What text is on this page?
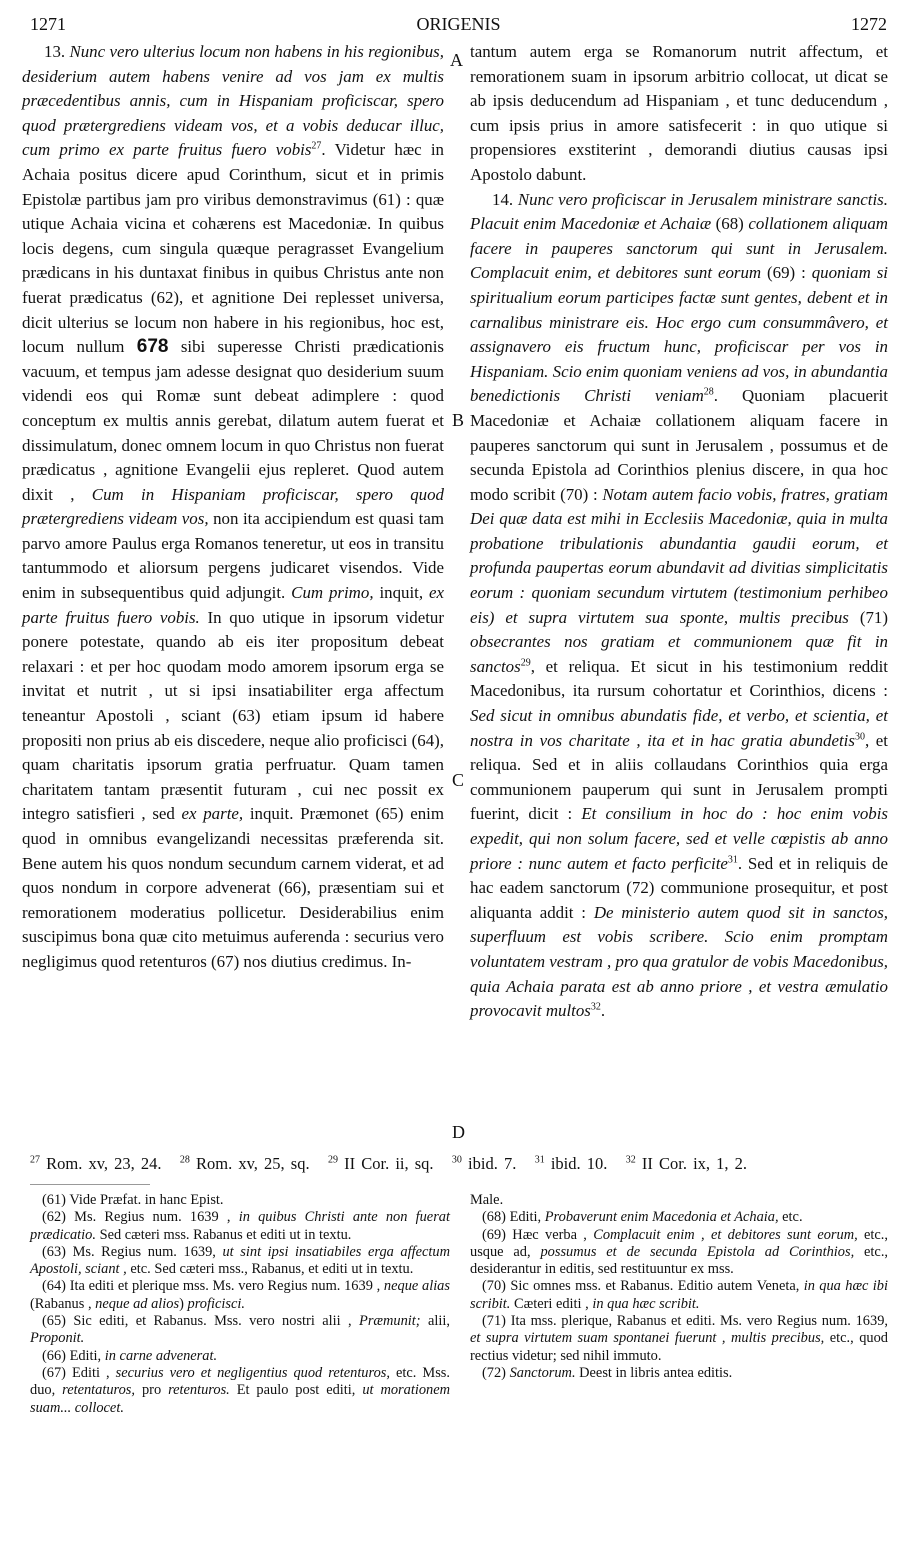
1271	ORIGENIS	1272
A
B
C
D

13. Nunc vero ulterius locum non habens in his regionibus, desiderium autem habens venire ad vos jam ex multis præcedentibus annis, cum in Hispaniam proficiscar, spero quod prætergrediens videam vos, et a vobis deducar illuc, cum primo ex parte fruitus fuero vobis$^{27}$. Videtur hæc in Achaia positus dicere apud Corinthum, sicut et in primis Epistolæ partibus jam pro viribus demonstravimus (61) : quæ utique Achaia vicina et cohærens est Macedoniæ. In quibus locis degens, cum singula quæque peragrasset Evangelium prædicans in his duntaxat finibus in quibus Christus ante non fuerat prædicatus (62), et agnitione Dei replesset universa, dicit ulterius se locum non habere in his regionibus, hoc est, locum nullum 678 sibi superesse Christi prædicationis vacuum, et tempus jam adesse designat quo desiderium suum videndi eos qui Romæ sunt debeat adimplere : quod conceptum ex multis annis gerebat, dilatum autem fuerat et dissimulatum, donec omnem locum in quo Christus non fuerat prædicatus , agnitione Evangelii ejus repleret. Quod autem dixit , Cum in Hispaniam proficiscar, spero quod prætergrediens videam vos, non ita accipiendum est quasi tam parvo amore Paulus erga Romanos teneretur, ut eos in transitu tantummodo et aliorsum pergens judicaret visendos. Vide enim in subsequentibus quid adjungit. Cum primo, inquit, ex parte fruitus fuero vobis. In quo utique in ipsorum videtur ponere potestate, quando ab eis iter propositum debeat relaxari : et per hoc quodam modo amorem ipsorum erga se invitat et nutrit , ut si ipsi insatiabiliter erga affectum teneantur Apostoli , sciant (63) etiam ipsum id habere propositi non prius ab eis discedere, neque alio proficisci (64), quam charitatis ipsorum gratia perfruatur. Quam tamen charitatem tantam præsentit futuram , cui nec possit ex integro satisfieri , sed ex parte, inquit. Præmonet (65) enim quod in omnibus evangelizandi necessitas præferenda sit. Bene autem his quos nondum secundum carnem viderat, et ad quos nondum in corpore advenerat (66), præsentiam sui et remorationem moderatius pollicetur. Desiderabilius enim suscipimus bona quæ cito metuimus auferenda : securius vero negligimus quod retenturos (67) nos diutius credimus. In-

tantum autem erga se Romanorum nutrit affectum, et remorationem suam in ipsorum arbitrio collocat, ut dicat se ab ipsis deducendum ad Hispaniam , et tunc deducendum , cum ipsis prius in amore satisfecerit : in quo utique si propensiores exstiterint , demorandi diutius causas ipsi Apostolo dabunt.

14. Nunc vero proficiscar in Jerusalem ministrare sanctis. Placuit enim Macedoniæ et Achaiæ (68) collationem aliquam facere in pauperes sanctorum qui sunt in Jerusalem. Complacuit enim, et debitores sunt eorum (69) : quoniam si spiritualium eorum participes factæ sunt gentes, debent et in carnalibus ministrare eis. Hoc ergo cum consummâvero, et assignavero eis fructum hunc, proficiscar per vos in Hispaniam. Scio enim quoniam veniens ad vos, in abundantia benedictionis Christi veniam$^{28}$. Quoniam placuerit Macedoniæ et Achaiæ collationem aliquam facere in pauperes sanctorum qui sunt in Jerusalem , possumus et de secunda Epistola ad Corinthios plenius discere, in qua hoc modo scribit (70) : Notam autem facio vobis, fratres, gratiam Dei quæ data est mihi in Ecclesiis Macedoniæ, quia in multa probatione tribulationis abundantia gaudii eorum, et profunda paupertas eorum abundavit ad divitias simplicitatis eorum : quoniam secundum virtutem (testimonium perhibeo eis) et supra virtutem sua sponte, multis precibus (71) obsecrantes nos gratiam et communionem quæ fit in sanctos$^{29}$, et reliqua. Et sicut in his testimonium reddit Macedonibus, ita rursum cohortatur et Corinthios, dicens : Sed sicut in omnibus abundatis fide, et verbo, et scientia, et nostra in vos charitate , ita et in hac gratia abundetis$^{30}$, et reliqua. Sed et in aliis collaudans Corinthios quia erga communionem pauperum qui sunt in Jerusalem prompti fuerint, dicit : Et consilium in hoc do : hoc enim vobis expedit, qui non solum facere, sed et velle cœpistis ab anno priore : nunc autem et facto perficite$^{31}$. Sed et in reliquis de hac eadem sanctorum (72) communione prosequitur, et post aliquanta addit : De ministerio autem quod sit in sanctos, superfluum est vobis scribere. Scio enim promptam voluntatem vestram , pro qua gratulor de vobis Macedonibus, quia Achaia parata est ab anno priore , et vestra æmulatio provocavit multos$^{32}$.

$^{27}$ Rom. xv, 23, 24. $^{28}$ Rom. xv, 25, sq. $^{29}$ II Cor. ii, sq. $^{30}$ ibid. 7. $^{31}$ ibid. 10. $^{32}$ II Cor. ix, 1, 2.

(61) Vide Præfat. in hanc Epist.

(62) Ms. Regius num. 1639 , in quibus Christi ante non fuerat prædicatio. Sed cæteri mss. Rabanus et editi ut in textu.

(63) Ms. Regius num. 1639, ut sint ipsi insatiabiles erga affectum Apostoli, sciant , etc. Sed cæteri mss., Rabanus, et editi ut in textu.

(64) Ita editi et plerique mss. Ms. vero Regius num. 1639 , neque alias (Rabanus , neque ad alios) proficisci.

(65) Sic editi, et Rabanus. Mss. vero nostri alii , Præmunit; alii, Proponit.

(66) Editi, in carne advenerat.

(67) Editi , securius vero et negligentius quod retenturos, etc. Mss. duo, retentaturos, pro retenturos. Et paulo post editi, ut morationem suam... collocet.

Male.

(68) Editi, Probaverunt enim Macedonia et Achaia, etc.

(69) Hæc verba , Complacuit enim , et debitores sunt eorum, etc., usque ad, possumus et de secunda Epistola ad Corinthios, etc., desiderantur in editis, sed restituuntur ex mss.

(70) Sic omnes mss. et Rabanus. Editio autem Veneta, in qua hæc ibi scribit. Cæteri editi , in qua hæc scribit.

(71) Ita mss. plerique, Rabanus et editi. Ms. vero Regius num. 1639, et supra virtutem suam spontanei fuerunt , multis precibus, etc., quod rectius videtur; sed nihil immuto.

(72) Sanctorum. Deest in libris antea editis.
